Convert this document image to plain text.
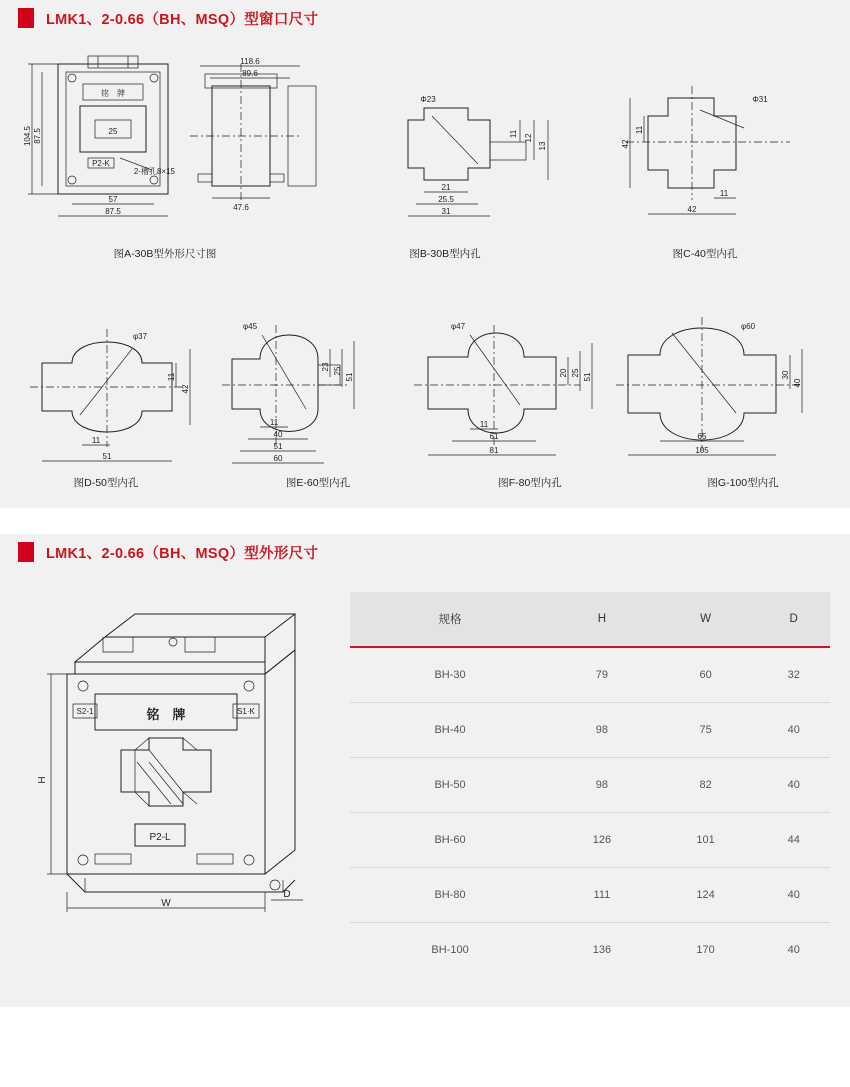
LMK1、2-0.66（BH、MSQ）型窗口尺寸
铭　牌
25
P2-K
104.5 87.5
57
87.5
2-槽孔8×15
118.6
89.6
47.6
Φ23
11 12
13
21
25.5
31
Φ31
42
11
11
42
图A-30B型外形尺寸图	图B-30B型内孔	图C-40型内孔
φ37
42
11
11
51
φ45
23 25
51
11
40
51
60
φ47
20 25 51
11
61
81
φ60
30
40
65
105
图D-50型内孔	图E-60型内孔	图F-80型内孔	图G-100型内孔
LMK1、2-0.66（BH、MSQ）型外形尺寸
铭　牌
S2-1	S1·K
P2-L
H
W
D
规格	H	W	D
BH-30	79	60	32
BH-40	98	75	40
BH-50	98	82	40
BH-60	126	101	44
BH-80	111	124	40
BH-100	136	170	40
